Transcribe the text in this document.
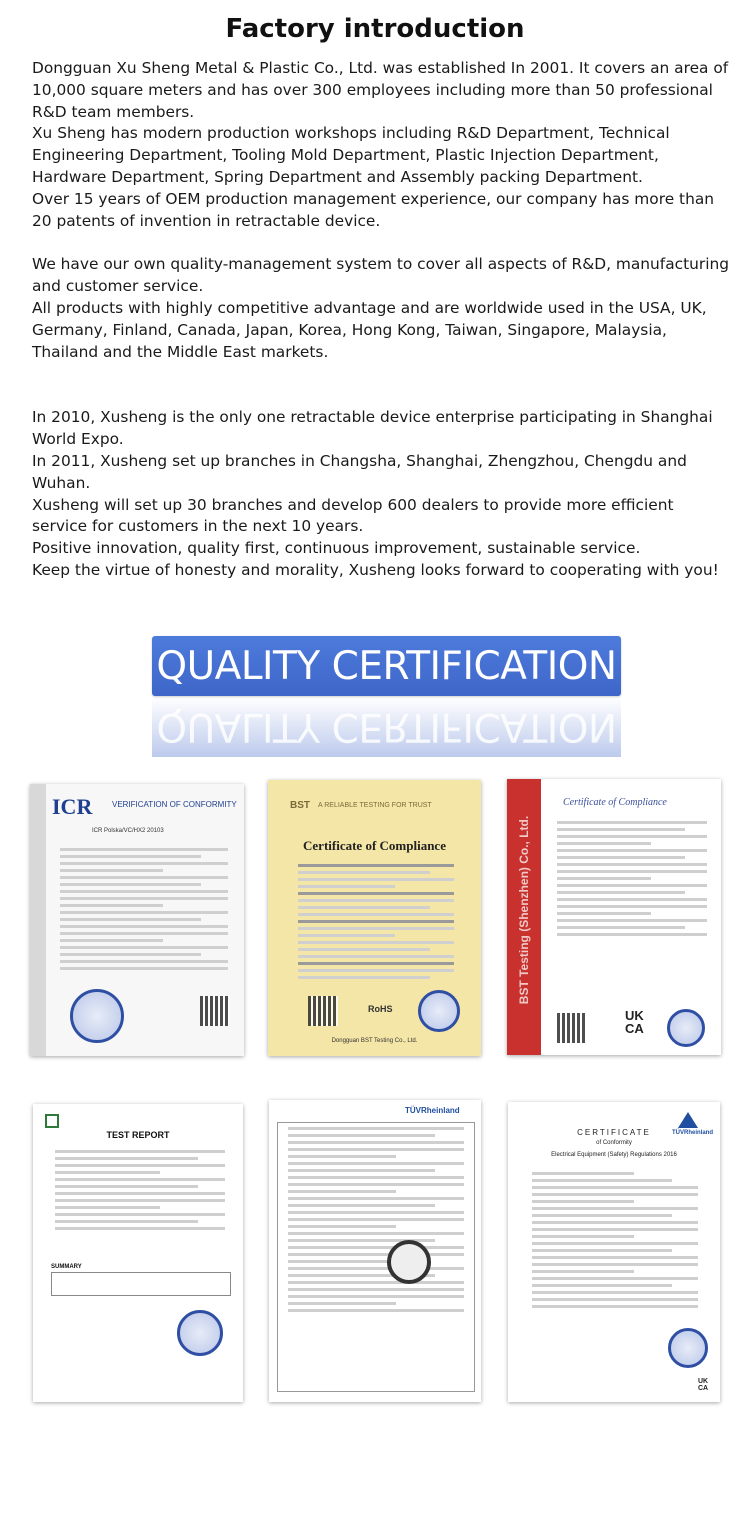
Factory introduction

Dongguan Xu Sheng Metal & Plastic Co., Ltd. was established In 2001. It covers an area of 10,000 square meters and has over 300 employees including more than 50 professional R&D team members.

Xu Sheng has modern production workshops including R&D Department, Technical Engineering Department, Tooling Mold Department, Plastic Injection Department, Hardware Department, Spring Department and Assembly packing Department.

Over 15 years of OEM production management experience, our company has more than 20 patents of invention in retractable device.

We have our own quality-management system to cover all aspects of R&D, manufacturing and customer service.

All products with highly competitive advantage and are worldwide used in the USA, UK, Germany, Finland, Canada, Japan, Korea, Hong Kong, Taiwan, Singapore, Malaysia, Thailand and the Middle East markets.

In 2010, Xusheng is the only one retractable device enterprise participating in Shanghai World Expo.

In 2011, Xusheng set up branches in Changsha, Shanghai, Zhengzhou, Chengdu and Wuhan.

Xusheng will set up 30 branches and develop 600 dealers to provide more efficient service for customers in the next 10 years.

Positive innovation, quality first, continuous improvement, sustainable service.

Keep the virtue of honesty and morality, Xusheng looks forward to cooperating with you!

QUALITY CERTIFICATION
QUALITY CERTIFICATION
ICR VERIFICATION OF CONFORMITY
ICR Polska/VC/HX2 20103
BST A RELIABLE TESTING FOR TRUST
Certificate of Compliance
RoHS
Dongguan BST Testing Co., Ltd.
BST Testing (Shenzhen) Co., Ltd.
Certificate of Compliance
UK CA
TEST REPORT
SUMMARY
TÜVRheinland
TÜVRheinland
CERTIFICATE
of Conformity
Electrical Equipment (Safety) Regulations 2016
UK CA
